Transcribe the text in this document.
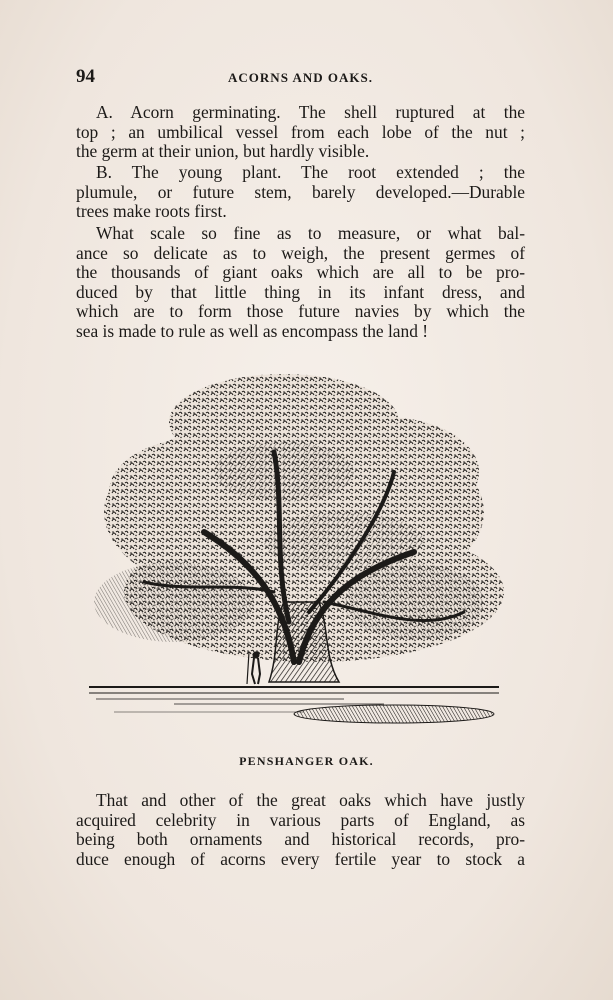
94	ACORNS AND OAKS.
A. Acorn germinating. The shell ruptured at the
top ; an umbilical vessel from each lobe of the nut ;
the germ at their union, but hardly visible.
B. The young plant. The root extended ; the
plumule, or future stem, barely developed.—Durable
trees make roots first.
What scale so fine as to measure, or what bal-
ance so delicate as to weigh, the present germes of
the thousands of giant oaks which are all to be pro-
duced by that little thing in its infant dress, and
which are to form those future navies by which the
sea is made to rule as well as encompass the land !
PENSHANGER OAK.
That and other of the great oaks which have justly
acquired celebrity in various parts of England, as
being both ornaments and historical records, pro-
duce enough of acorns every fertile year to stock a
